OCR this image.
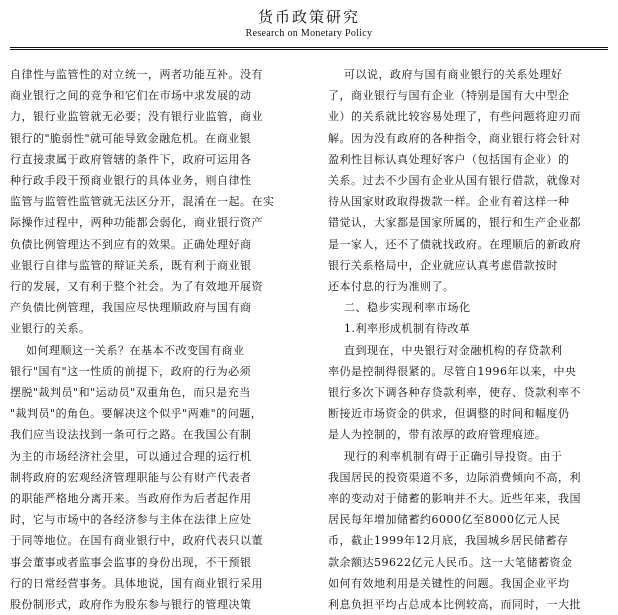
货币政策研究
Research on Monetary Policy

自律性与监管性的对立统一，两者功能互补。没有

商业银行之间的竞争和它们在市场中求发展的动

力，银行业监管就无必要；没有银行业监管，商业

银行的"脆弱性"就可能导致金融危机。在商业银

行直接隶属于政府管辖的条件下，政府可运用各

种行政手段干预商业银行的具体业务，则自律性

监管与监管性监管就无法区分开，混淆在一起。在实

际操作过程中，两种功能都会弱化，商业银行资产

负债比例管理达不到应有的效果。正确处理好商

业银行自律与监管的辩证关系，既有利于商业银

行的发展，又有利于整个社会。为了有效地开展资

产负债比例管理，我国应尽快理顺政府与国有商

业银行的关系。

如何理顺这一关系？在基本不改变国有商业

银行"国有"这一性质的前提下，政府的行为必须

摆脱"裁判员"和"运动员"双重角色，而只是充当

"裁判员"的角色。要解决这个似乎"两难"的问题，

我们应当设法找到一条可行之路。在我国公有制

为主的市场经济社会里，可以通过合理的运行机

制将政府的宏观经济管理职能与公有财产代表者

的职能严格地分离开来。当政府作为后者起作用

时，它与市场中的各经济参与主体在法律上应处

于同等地位。在国有商业银行中，政府代表只以董

事会董事或者监事会监事的身份出现，不干预银

行的日常经营事务。具体地说，国有商业银行采用

股份制形式，政府作为股东参与银行的管理决策

可以说，政府与国有商业银行的关系处理好

了，商业银行与国有企业（特别是国有大中型企

业）的关系就比较容易处理了，有些问题将迎刃而

解。因为没有政府的各种指令，商业银行将会针对

盈利性目标认真处理好客户（包括国有企业）的

关系。过去不少国有企业从国有银行借款，就像对

待从国家财政取得拨款一样。企业有着这样一种

错觉认，大家都是国家所属的，银行和生产企业都

是一家人，还不了债就找政府。在理顺后的新政府

银行关系格局中，企业就应认真考虑借款按时

还本付息的行为准则了。

二、稳步实现利率市场化

1.利率形成机制有待改革

直到现在，中央银行对金融机构的存贷款利

率仍是控制得很紧的。尽管自1996年以来，中央

银行多次下调各种存贷款利率，使存、贷款利率不

断接近市场资金的供求，但调整的时间和幅度仍

是人为控制的，带有浓厚的政府管理痕迹。

现行的利率机制有碍于正确引导投资。由于

我国居民的投资渠道不多，边际消费倾向不高，利

率的变动对于储蓄的影响并不大。近些年来，我国

居民每年增加储蓄约6000亿至8000亿元人民

币，截止1999年12月底，我国城乡居民储蓄存

款余额达59622亿元人民币。这一大笔储蓄资金

如何有效地利用是关键性的问题。我国企业平均

利息负担平均占总成本比例较高，而同时，一大批
